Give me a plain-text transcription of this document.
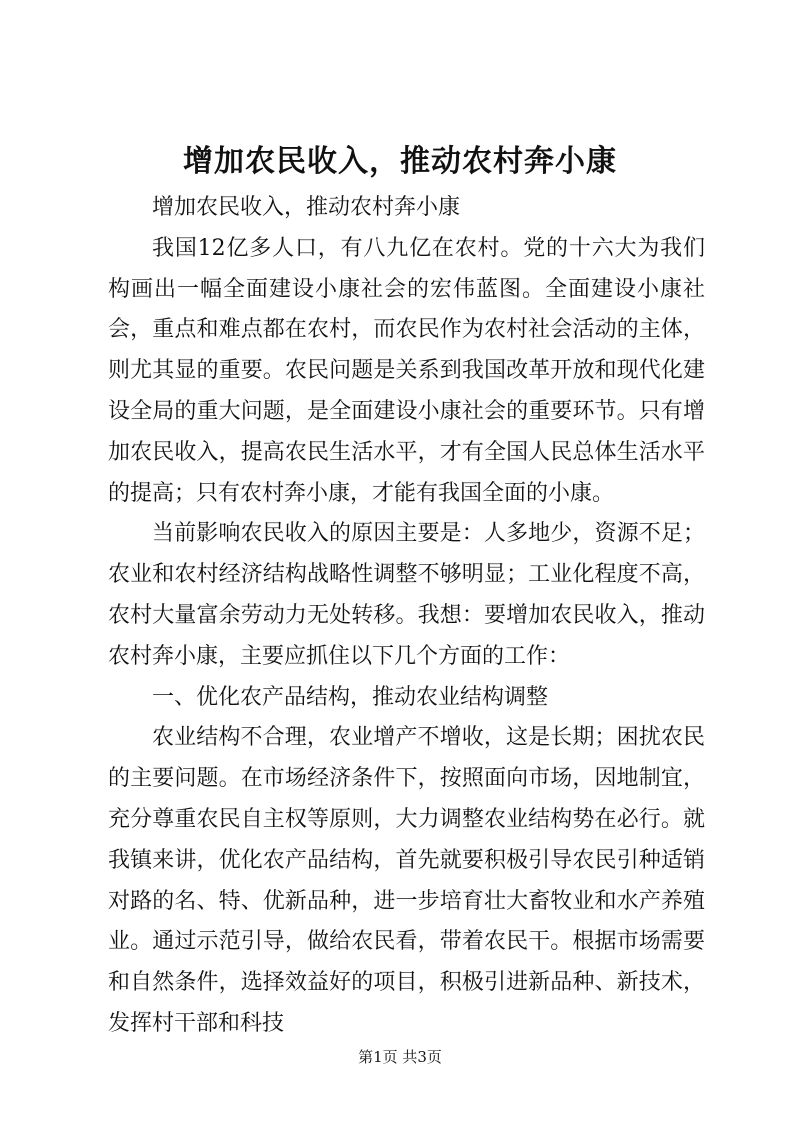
增加农民收入，推动农村奔小康

增加农民收入，推动农村奔小康

我国12亿多人口，有八九亿在农村。党的十六大为我们构画出一幅全面建设小康社会的宏伟蓝图。全面建设小康社会，重点和难点都在农村，而农民作为农村社会活动的主体，则尤其显的重要。农民问题是关系到我国改革开放和现代化建设全局的重大问题，是全面建设小康社会的重要环节。只有增加农民收入，提高农民生活水平，才有全国人民总体生活水平的提高；只有农村奔小康，才能有我国全面的小康。

当前影响农民收入的原因主要是：人多地少，资源不足；农业和农村经济结构战略性调整不够明显；工业化程度不高，农村大量富余劳动力无处转移。我想：要增加农民收入，推动农村奔小康，主要应抓住以下几个方面的工作：

一、优化农产品结构，推动农业结构调整

农业结构不合理，农业增产不增收，这是长期；困扰农民的主要问题。在市场经济条件下，按照面向市场，因地制宜，充分尊重农民自主权等原则，大力调整农业结构势在必行。就我镇来讲，优化农产品结构，首先就要积极引导农民引种适销对路的名、特、优新品种，进一步培育壮大畜牧业和水产养殖业。通过示范引导，做给农民看，带着农民干。根据市场需要和自然条件，选择效益好的项目，积极引进新品种、新技术，发挥村干部和科技

第1页 共3页
